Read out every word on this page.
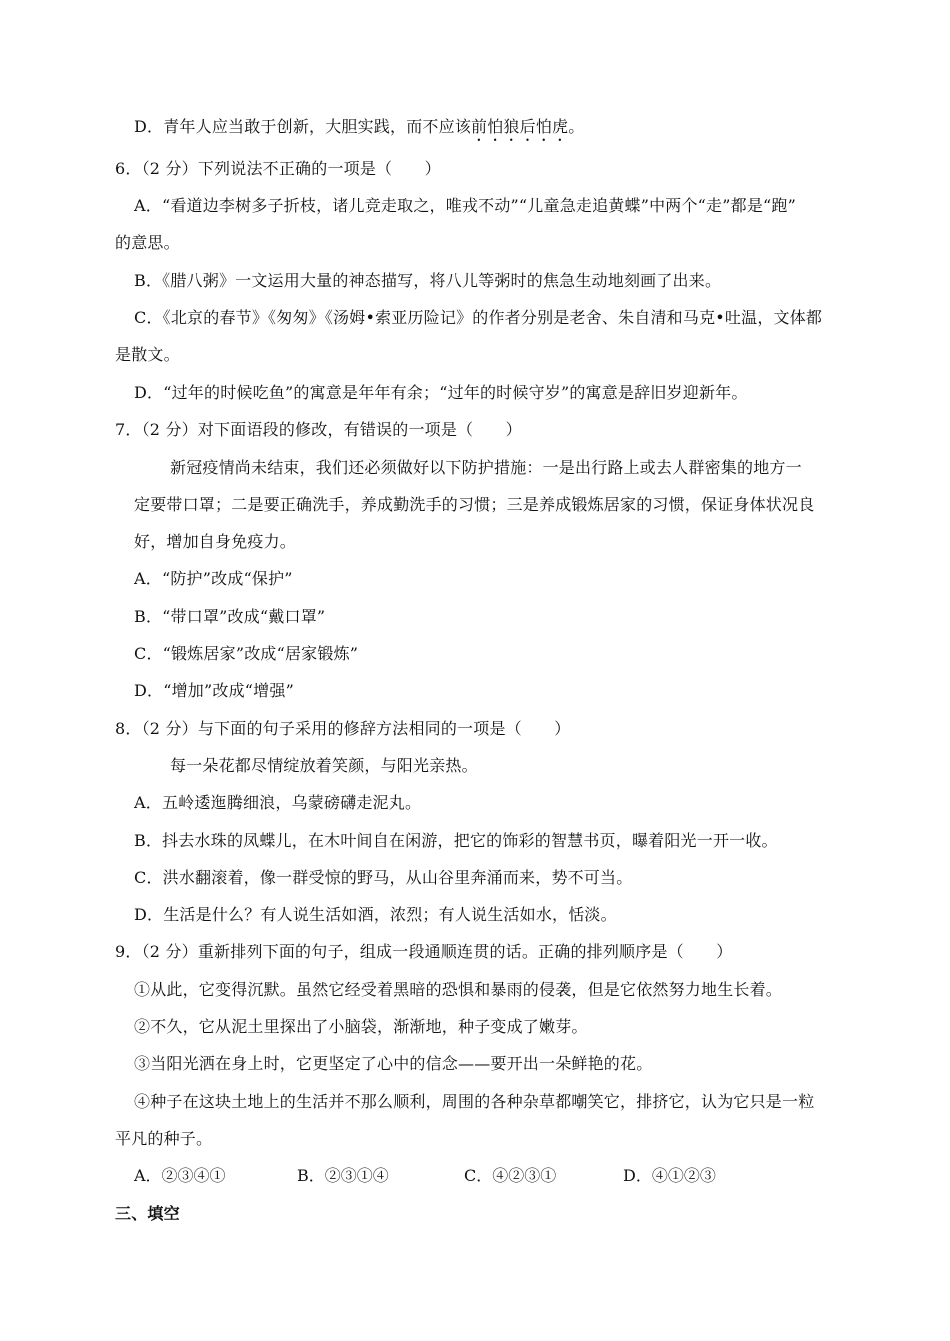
D．青年人应当敢于创新，大胆实践，而不应该前怕狼后怕虎。
6．（2 分）下列说法不正确的一项是（　　）
A．“看道边李树多子折枝，诸儿竞走取之，唯戎不动”“儿童急走追黄蝶”中两个“走”都是“跑”
的意思。
B．《腊八粥》一文运用大量的神态描写，将八儿等粥时的焦急生动地刻画了出来。
C．《北京的春节》《匆匆》《汤姆•索亚历险记》的作者分别是老舍、朱自清和马克•吐温，文体都
是散文。
D．“过年的时候吃鱼”的寓意是年年有余；“过年的时候守岁”的寓意是辞旧岁迎新年。
7．（2 分）对下面语段的修改，有错误的一项是（　　）
新冠疫情尚未结束，我们还必须做好以下防护措施：一是出行路上或去人群密集的地方一
定要带口罩；二是要正确洗手，养成勤洗手的习惯；三是养成锻炼居家的习惯，保证身体状况良
好，增加自身免疫力。
A．“防护”改成“保护”
B．“带口罩”改成“戴口罩”
C．“锻炼居家”改成“居家锻炼”
D．“增加”改成“增强”
8．（2 分）与下面的句子采用的修辞方法相同的一项是（　　）
每一朵花都尽情绽放着笑颜，与阳光亲热。
A．五岭逶迤腾细浪，乌蒙磅礴走泥丸。
B．抖去水珠的凤蝶儿，在木叶间自在闲游，把它的饰彩的智慧书页，曝着阳光一开一收。
C．洪水翻滚着，像一群受惊的野马，从山谷里奔涌而来，势不可当。
D．生活是什么？有人说生活如酒，浓烈；有人说生活如水，恬淡。
9．（2 分）重新排列下面的句子，组成一段通顺连贯的话。正确的排列顺序是（　　）
①从此，它变得沉默。虽然它经受着黑暗的恐惧和暴雨的侵袭，但是它依然努力地生长着。
②不久，它从泥土里探出了小脑袋，渐渐地，种子变成了嫩芽。
③当阳光洒在身上时，它更坚定了心中的信念——要开出一朵鲜艳的花。
④种子在这块土地上的生活并不那么顺利，周围的各种杂草都嘲笑它，排挤它，认为它只是一粒
平凡的种子。
A．②③④①	B．②③①④	C．④②③①	D．④①②③
三、填空
